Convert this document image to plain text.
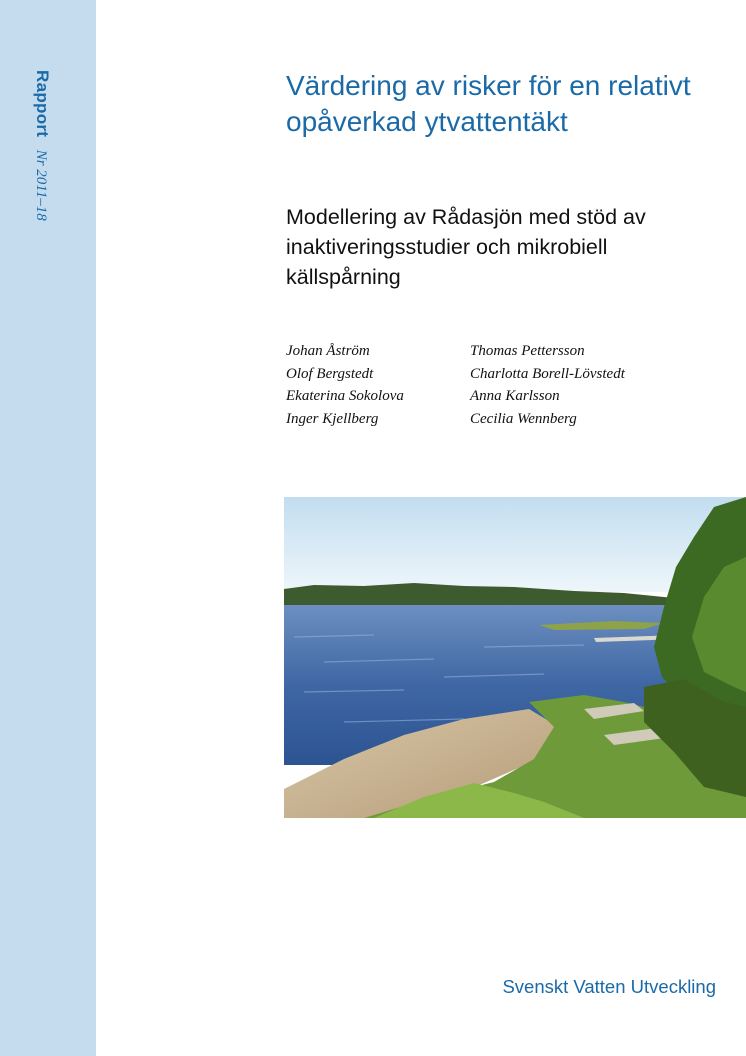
Rapport Nr 2011–18
Värdering av risker för en relativt opåverkad ytvattentäkt
Modellering av Rådasjön med stöd av inaktiveringsstudier och mikrobiell källspårning
Johan Åström
Olof Bergstedt
Ekaterina Sokolova
Inger Kjellberg
Thomas Pettersson
Charlotta Borell-Lövstedt
Anna Karlsson
Cecilia Wennberg
Svenskt Vatten Utveckling
